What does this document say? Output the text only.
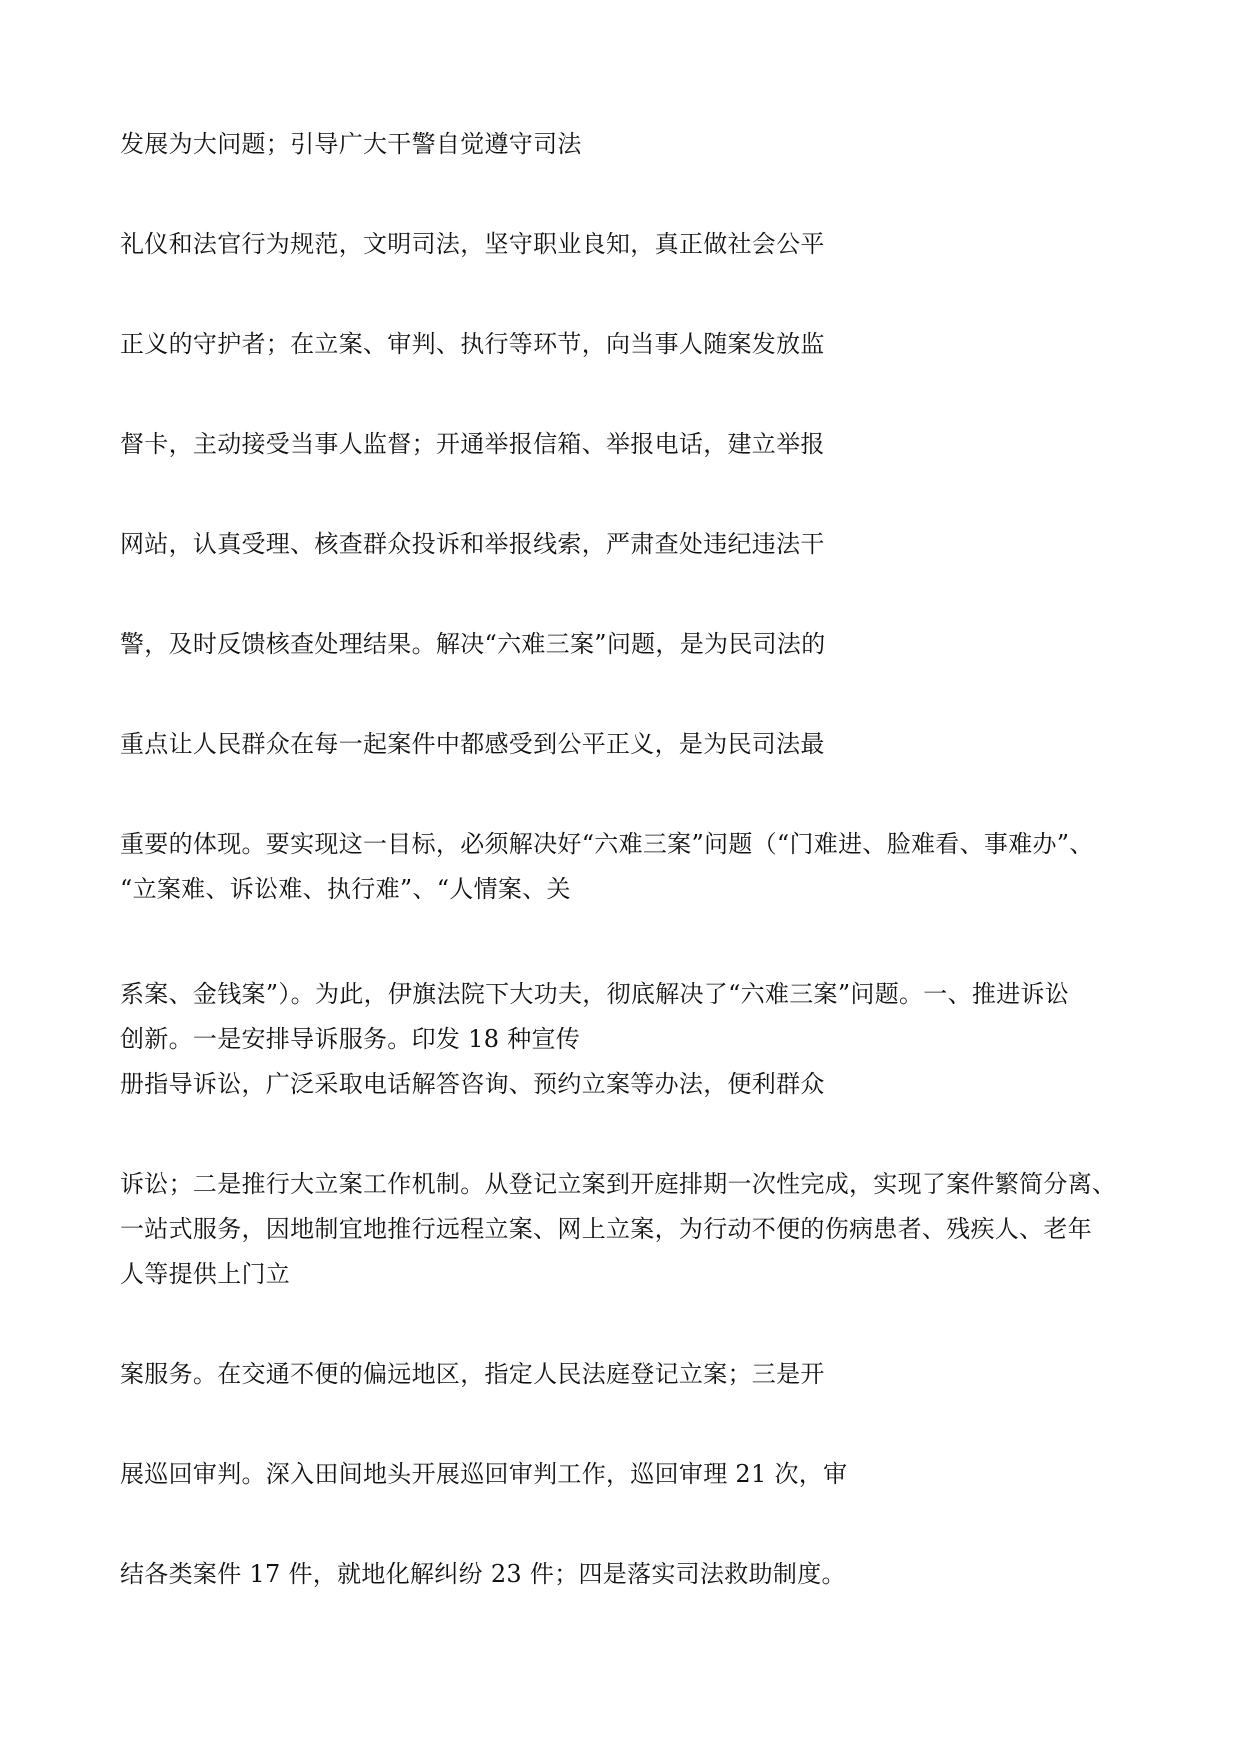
发展为大问题；引导广大干警自觉遵守司法
礼仪和法官行为规范，文明司法，坚守职业良知，真正做社会公平
正义的守护者；在立案、审判、执行等环节，向当事人随案发放监
督卡，主动接受当事人监督；开通举报信箱、举报电话，建立举报
网站，认真受理、核查群众投诉和举报线索，严肃查处违纪违法干
警，及时反馈核查处理结果。解决“六难三案”问题，是为民司法的
重点让人民群众在每一起案件中都感受到公平正义，是为民司法最
重要的体现。要实现这一目标，必须解决好“六难三案”问题（“门难进、脸难看、事难办”、
“立案难、诉讼难、执行难”、“人情案、关
系案、金钱案”）。为此，伊旗法院下大功夫，彻底解决了“六难三案”问题。一、推进诉讼
创新。一是安排导诉服务。印发 18 种宣传
册指导诉讼，广泛采取电话解答咨询、预约立案等办法，便利群众
诉讼；二是推行大立案工作机制。从登记立案到开庭排期一次性完成，实现了案件繁简分离、
一站式服务，因地制宜地推行远程立案、网上立案，为行动不便的伤病患者、残疾人、老年
人等提供上门立
案服务。在交通不便的偏远地区，指定人民法庭登记立案；三是开
展巡回审判。深入田间地头开展巡回审判工作，巡回审理 21 次，审
结各类案件 17 件，就地化解纠纷 23 件；四是落实司法救助制度。
